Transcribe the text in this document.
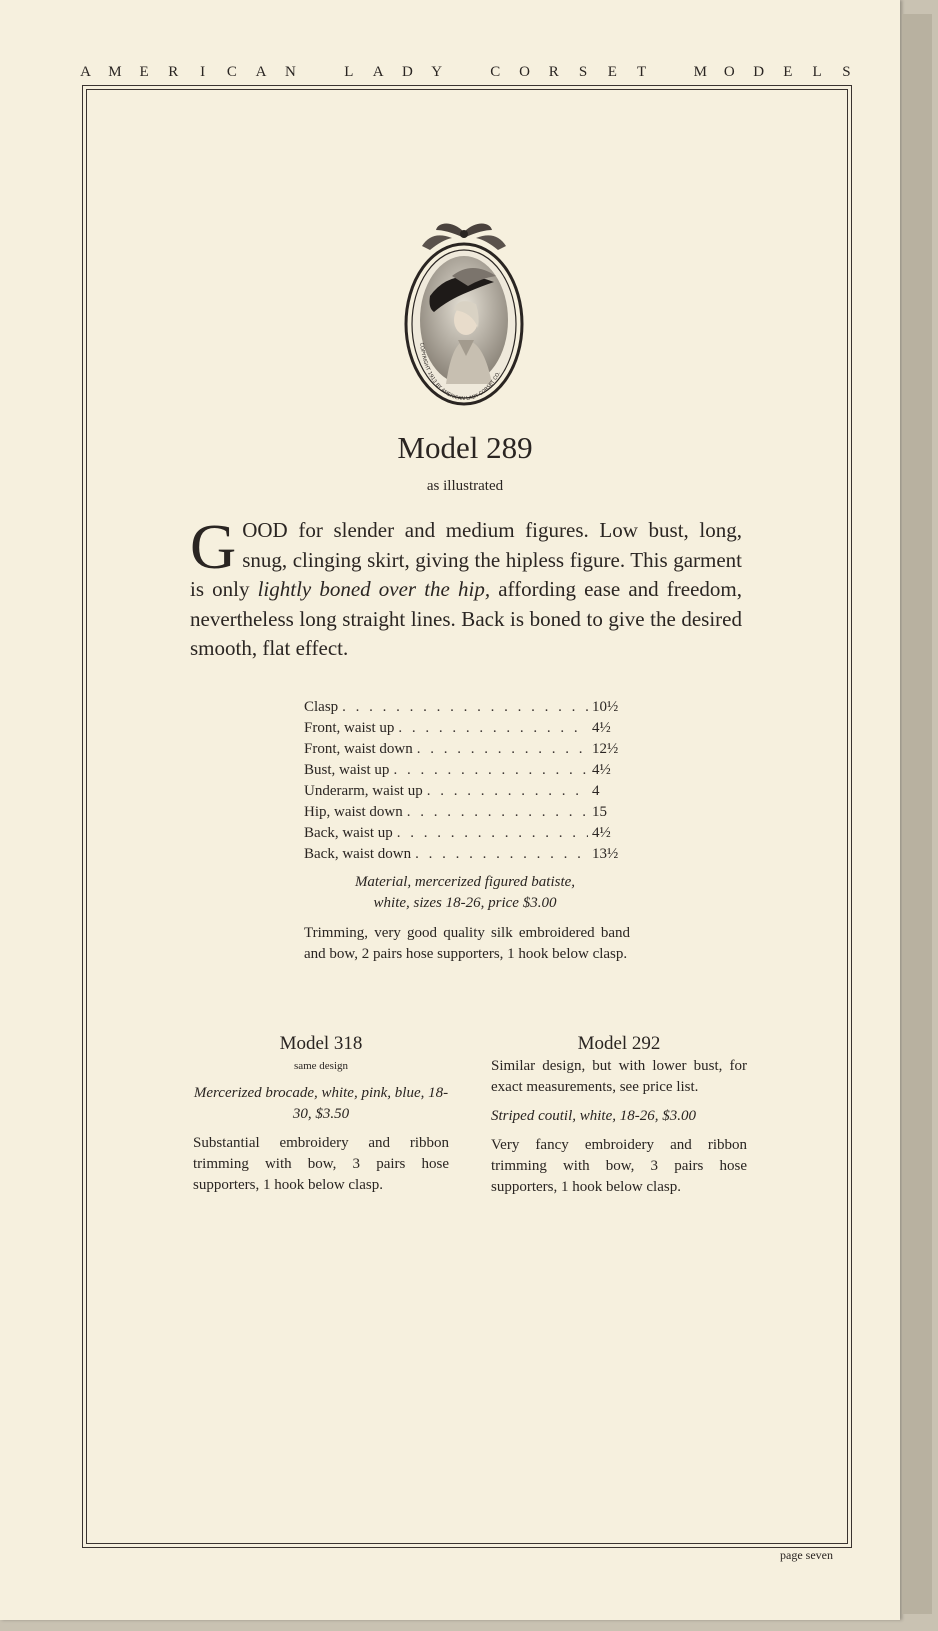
A M E R I C A N
	L A D Y
	C O R S E T
	M O D E L S
COPYRIGHT 1913 BY AMERICAN LADY CORSET CO.
Model 289
as illustrated
GOOD for slender and medium figures. Low bust, long, snug, clinging skirt, giving the hipless figure. This garment is only lightly boned over the hip, affording ease and freedom, nevertheless long straight lines. Back is boned to give the desired smooth, flat effect.
Clasp . . .	10½
Front, waist up . . .	4½
Front, waist down . . .	12½
Bust, waist up . . .	4½
Underarm, waist up . . .	4
Hip, waist down . . .	15
Back, waist up . . .	4½
Back, waist down . . .	13½
Material, mercerized figured batiste,
white, sizes 18-26, price $3.00
Trimming, very good quality silk embroidered band and bow, 2 pairs hose supporters, 1 hook below clasp.
Model 318
same design

Mercerized brocade, white, pink, blue, 18-30, $3.50

Substantial embroidery and ribbon trimming with bow, 3 pairs hose supporters, 1 hook below clasp.

Model 292

Similar design, but with lower bust, for exact measurements, see price list.

Striped coutil, white, 18-26, $3.00

Very fancy embroidery and ribbon trimming with bow, 3 pairs hose supporters, 1 hook below clasp.

page seven
